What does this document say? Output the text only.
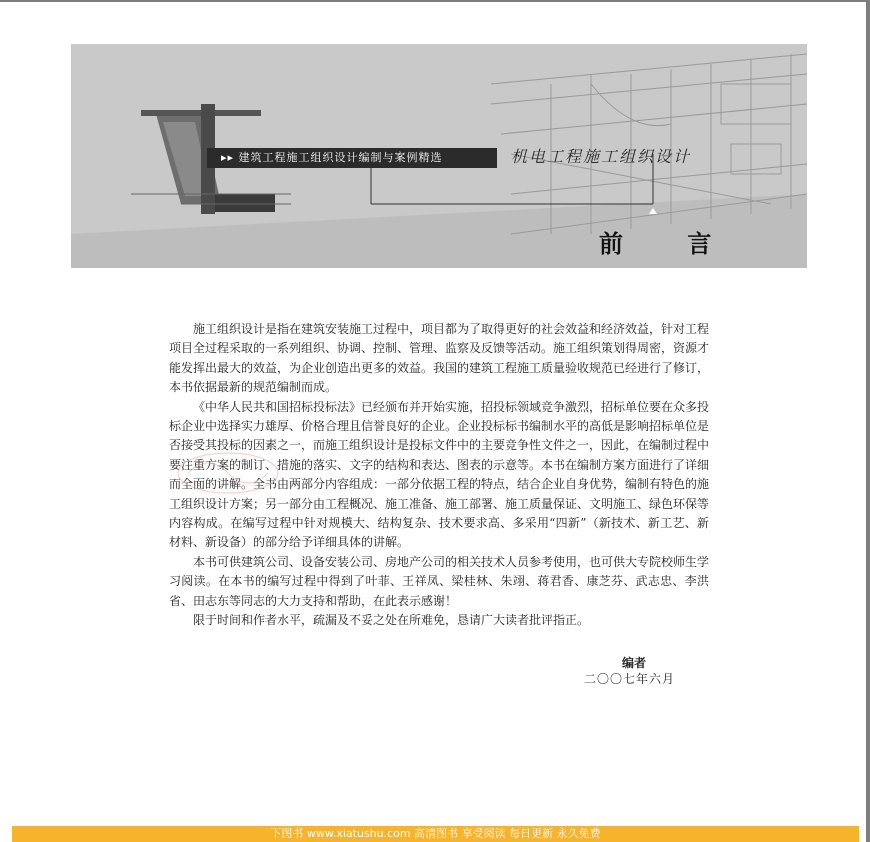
▸▸ 建筑工程施工组织设计编制与案例精选	机电工程施工组织设计
前 言

施工组织设计是指在建筑安装施工过程中，项目都为了取得更好的社会效益和经济效益，针对工程项目全过程采取的一系列组织、协调、控制、管理、监察及反馈等活动。施工组织策划得周密，资源才能发挥出最大的效益，为企业创造出更多的效益。我国的建筑工程施工质量验收规范已经进行了修订，本书依据最新的规范编制而成。

《中华人民共和国招标投标法》已经颁布并开始实施，招投标领域竞争激烈，招标单位要在众多投标企业中选择实力雄厚、价格合理且信誉良好的企业。企业投标标书编制水平的高低是影响招标单位是否接受其投标的因素之一，而施工组织设计是投标文件中的主要竞争性文件之一，因此，在编制过程中要注重方案的制订、措施的落实、文字的结构和表达、图表的示意等。本书在编制方案方面进行了详细而全面的讲解。全书由两部分内容组成：一部分依据工程的特点，结合企业自身优势，编制有特色的施工组织设计方案；另一部分由工程概况、施工准备、施工部署、施工质量保证、文明施工、绿色环保等内容构成。在编写过程中针对规模大、结构复杂、技术要求高、多采用“四新”（新技术、新工艺、新材料、新设备）的部分给予详细具体的讲解。

本书可供建筑公司、设备安装公司、房地产公司的相关技术人员参考使用，也可供大专院校师生学习阅读。在本书的编写过程中得到了叶菲、王祥凤、梁桂林、朱翊、蒋君香、康芝芬、武志忠、李洪省、田志东等同志的大力支持和帮助，在此表示感谢！

限于时间和作者水平，疏漏及不妥之处在所难免，恳请广大读者批评指正。

编者
二〇〇七年六月
下图书 www.xiatushu.com 高清图书 享受阅读 每日更新 永久免费
